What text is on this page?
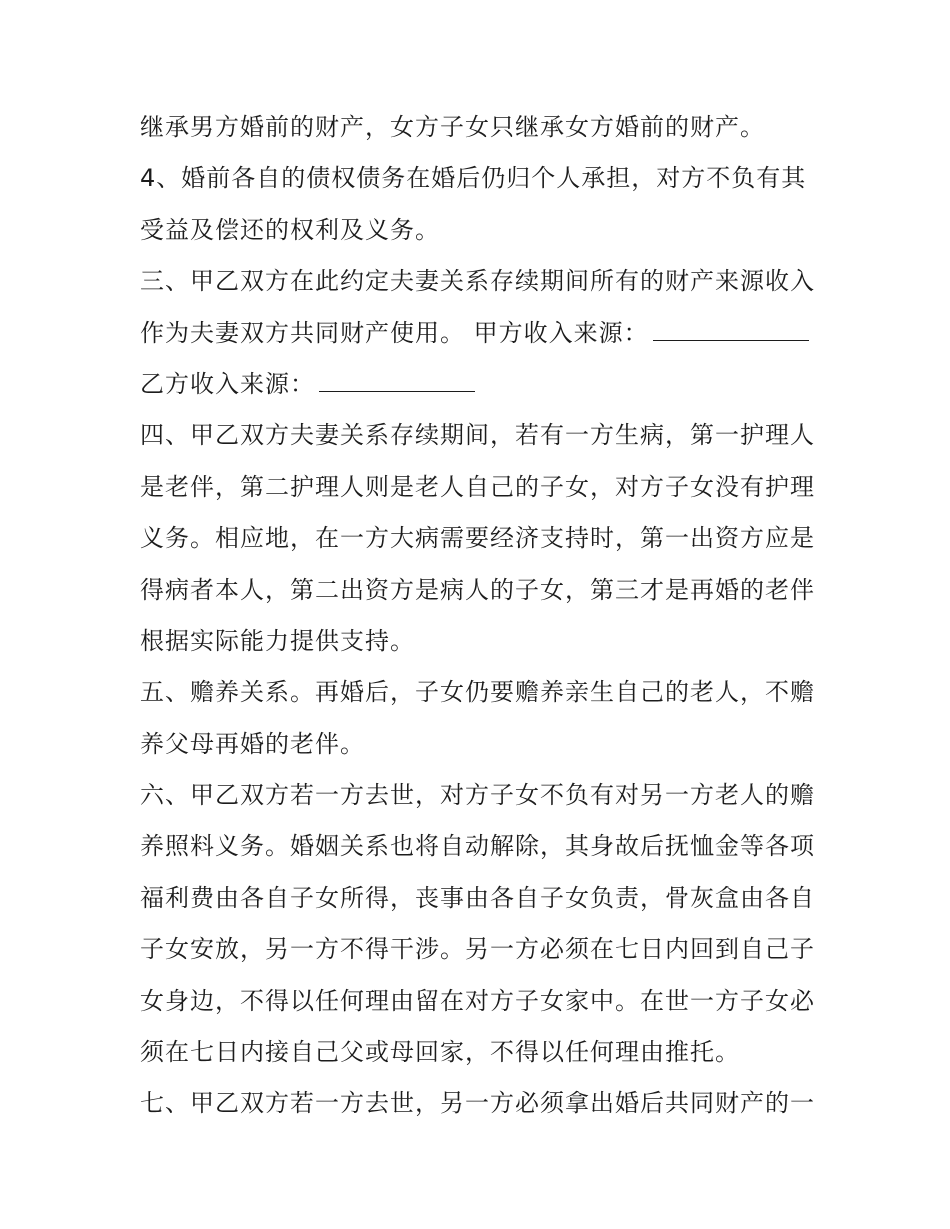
继承男方婚前的财产，女方子女只继承女方婚前的财产。
4、婚前各自的债权债务在婚后仍归个人承担，对方不负有其
受益及偿还的权利及义务。
三、甲乙双方在此约定夫妻关系存续期间所有的财产来源收入
作为夫妻双方共同财产使用。 甲方收入来源：
乙方收入来源：
四、甲乙双方夫妻关系存续期间，若有一方生病，第一护理人
是老伴，第二护理人则是老人自己的子女，对方子女没有护理
义务。相应地，在一方大病需要经济支持时，第一出资方应是
得病者本人，第二出资方是病人的子女，第三才是再婚的老伴
根据实际能力提供支持。
五、赡养关系。再婚后，子女仍要赡养亲生自己的老人，不赡
养父母再婚的老伴。
六、甲乙双方若一方去世，对方子女不负有对另一方老人的赡
养照料义务。婚姻关系也将自动解除，其身故后抚恤金等各项
福利费由各自子女所得，丧事由各自子女负责，骨灰盒由各自
子女安放，另一方不得干涉。另一方必须在七日内回到自己子
女身边，不得以任何理由留在对方子女家中。在世一方子女必
须在七日内接自己父或母回家，不得以任何理由推托。
七、甲乙双方若一方去世，另一方必须拿出婚后共同财产的一
